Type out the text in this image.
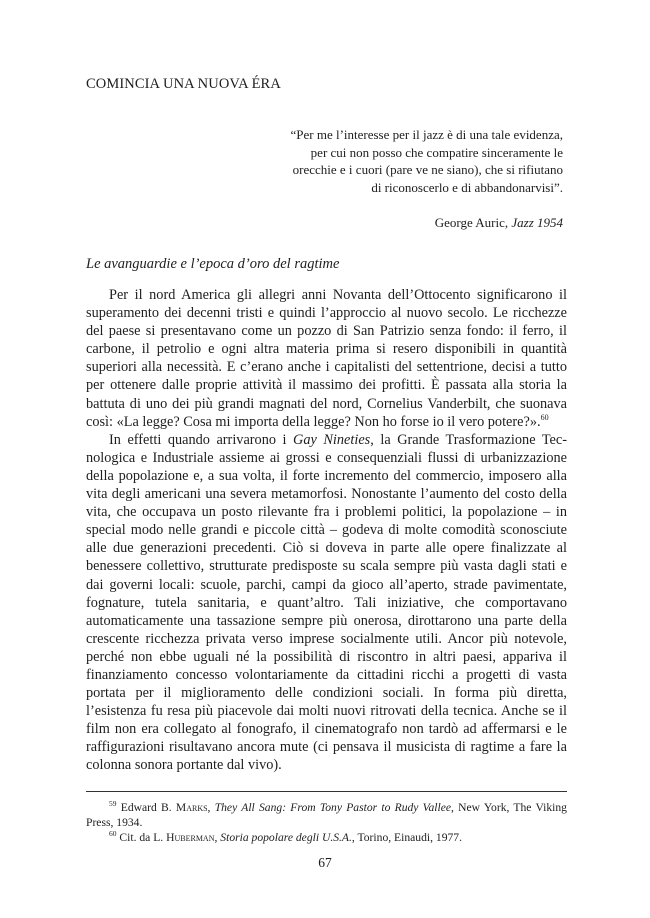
COMINCIA UNA NUOVA ÉRA

“Per me l’interesse per il jazz è di una tale evidenza,

per cui non posso che compatire sinceramente le

orecchie e i cuori (pare ve ne siano), che si rifiutano

di riconoscerlo e di abbandonarvisi”.

George Auric, Jazz 1954

Le avanguardie e l’epoca d’oro del ragtime

Per il nord America gli allegri anni Novanta dell’Ottocento significarono il superamento dei decenni tristi e quindi l’approccio al nuovo secolo. Le ricchezze del paese si presentavano come un pozzo di San Patrizio senza fondo: il ferro, il carbone, il petrolio e ogni altra materia prima si resero disponibili in quantità superiori alla necessità. E c’erano anche i capitalisti del settentrione, decisi a tutto per ottenere dalle proprie attività il massimo dei profitti. È passata alla storia la battuta di uno dei più grandi magnati del nord, Cornelius Vanderbilt, che suonava così: «La legge? Cosa mi importa della legge? Non ho forse io il vero potere?».$^{60}$

In effetti quando arrivarono i Gay Nineties, la Grande Trasformazione Tecnologica e Industriale assieme ai grossi e consequenziali flussi di urbanizzazione della popolazione e, a sua volta, il forte incremento del commercio, imposero alla vita degli americani una severa metamorfosi. Nonostante l’aumento del costo della vita, che occupava un posto rilevante fra i problemi politici, la popolazione – in special modo nelle grandi e piccole città – godeva di molte comodità sconosciute alle due generazioni precedenti. Ciò si doveva in parte alle opere finalizzate al benessere collettivo, strutturate predisposte su scala sempre più vasta dagli stati e dai governi locali: scuole, parchi, campi da gioco all’aperto, strade pavimentate, fognature, tutela sanitaria, e quant’altro. Tali iniziative, che comportavano automaticamente una tassazione sempre più onerosa, dirottarono una parte della crescente ricchezza privata verso imprese socialmente utili. Ancor più notevole, perché non ebbe uguali né la possibilità di riscontro in altri paesi, appariva il finanziamento concesso volontariamente da cittadini ricchi a progetti di vasta portata per il miglioramento delle condizioni sociali. In forma più diretta, l’esistenza fu resa più piacevole dai molti nuovi ritrovati della tecnica. Anche se il film non era collegato al fonografo, il cinematografo non tardò ad affermarsi e le raffigurazioni risultavano ancora mute (ci pensava il musicista di ragtime a fare la colonna sonora portante dal vivo).

$^{59}$ Edward B. Marks, They All Sang: From Tony Pastor to Rudy Vallee, New York, The Viking Press, 1934.

$^{60}$ Cit. da L. Huberman, Storia popolare degli U.S.A., Torino, Einaudi, 1977.

67
